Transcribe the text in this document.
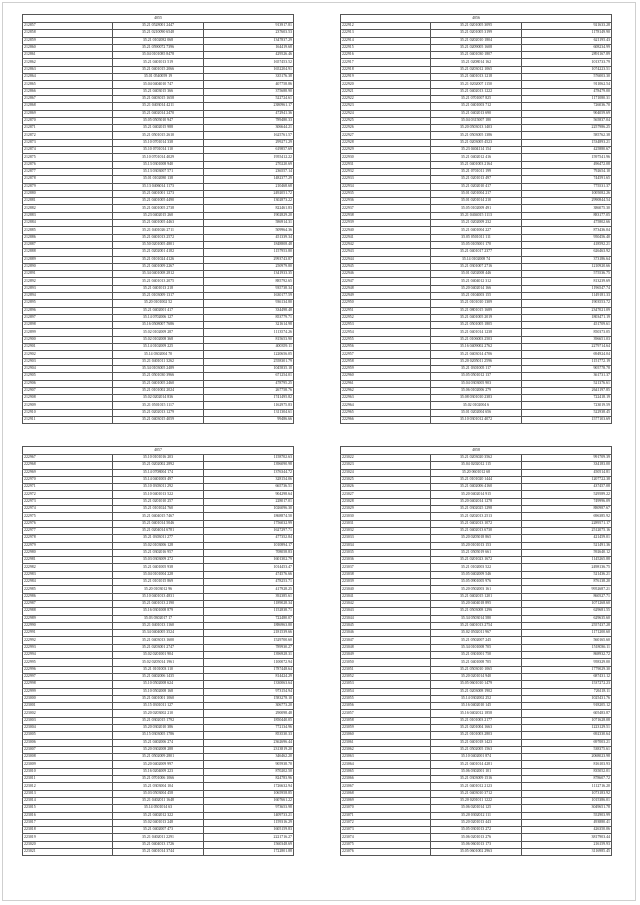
4055		
212857	35.21 0528001 2447	913917.81
212858	35.21 0210090 6548	237603.53
212859	35.21 0102082 068	1347837.29
212860	35.21 0590072 7396	164419.68
212861	35.04 0101085 8478	429526.46
212862	35.21 0401013 519	1657453.52
212863	35.21 0401015 2066	1652204.91
212864	35.01 0540059 19	335176.38
212865	35.04 0404010 747	407758.86
212866	35.21 0403015 366	375688.90
212867	35.21 0403015 1658	522724.61
212868	35.21 0403014 4211	2380961.17
212869	35.21 0402014 2470	472941.36
212870	35.05 0505010 947	789480.33
212871	35.21 0402015 988	306644.21
212872	35.21 0501015 2610	1625761.57
212873	35.10 0701014 338	299271.29
212874	35.10 0701014 110	619857.69
212875	35.10 0701014 4029	1955412.22
212876	35.13 0301008 940	270220.69
212877	35.13 0303007 571	236557.14
212878	35.01 0102080 138	1482377.29
212879	35.13 0406014 1173	210468.68
212880	35.21 0401001 1273	2492051.72
212881	35.21 0401005 4490	1302873.22
212882	35.21 0401005 2738	822461.83
212883	35.23 0402015 260	1902829.20
212884	35.21 0401005 4463	586914.31
212885	35.21 0401026 2711	509964.36
212886	35.21 0401013 2572	451339.34
212887	35.50 0201005 4801	1848808.48
212888	35.21 0202001 4182	1157953.80
212889	35.21 0101024 4126	2993743.87
212890	35.21 0401009 2267	250979.80
212891	35.34 0401008 2812	1341933.35
212892	35.21 0401013 2075	885792.65
212893	35.21 0401013 218	935738.34
212894	35.21 0103009 1317	1630177.59
212895	35.20 0101002 52	936134.80
212896	35.21 0402001 417	334498.48
212897	35.14 0702006 127	853779.71
212898	35.16 0508007 7686	321614.98
212899	35.02 0102009 287	1113574.26
212900	35.02 0102008 368	815653.90
212901	35.14 0102009 225	400359.11
212902	35.14 0302004 70	1220656.05
212903	35.21 0401011 3262	2558301.79
212904	35.34 0103005 2489	1045835.18
212905	35.21 0501030 3966	671254.01
212906	35.21 0401005 2460	478795.25
212907	35.21 0101002 2024	267758.76
212908	35.02 0202014 836	1741495.82
212909	35.21 0501015 1117	1162975.83
212910	35.21 0202013 1279	1311304.61
212911	35.21 0403015 4059	99486.66
4056		
222912	35.21 0201005 3095	921633.28
222913	35.21 0201005 3199	1178149.90
222914	35.21 0202010 1804	621195.43
222915	35.21 0209005 1608	608234.99
222916	35.21 0401030 1807	2891167.89
222917	35.21 0208014 162	1013733.79
222918	35.21 0203012 1065	1074223.51
222919	35.21 0401013 1218	576003.30
222920	35.21 0202007 1150	911062.54
222921	35.21 0402013 1222	478479.00
222922	35.21 0701007 825	1171080.31
222923	35.21 0401003 712	726036.70
222924	35.21 0402013 690	904059.69
222925	35.04 0315007 180	565837.04
222926	35.20 0503013 1403	2257986.25
222927	35.21 0503005 1386	585762.38
222928	35.21 0203005 4523	1534893.21
222929	35.23 0404114 154	425880.67
222930	35.21 0402012 416	1597541.96
222931	35.21 0401003 2164	496472.08
222932	35.21 0701011 199	792654.10
222933	35.21 0201013 497	744591.65
222934	35.21 0202010 417	775531.37
222935	35.01 0201004 217	1005082.26
222936	35.01 0201014 210	2990844.54
222937	35.05 0102009 491	386075.30
222938	35.21 0404015 1113	883177.05
222939	35.21 0202009 232	475802.66
222940	35.21 0401004 227	873436.04
222941	35.05 0501011 111	950456.40
222942	35.05 0105001 170	418592.21
222943	35.21 0401017 2377	626463.92
222944	35.14 0102008 74	373186.64
222945	35.21 0301007 2716	1210920.66
222946	35.01 0202008 446	575536.75
222947	35.21 0404012 312	813239.69
222948	35.20 0402014 166	1196547.74
222949	35.21 0104003 155	1149181.33
222950	35.21 0101010 1309	1903553.72
222951	35.21 0801015 1689	2347021.09
222952	35.21 0401005 2019	1803471.19
222953	35.21 0501005 1805	451709.61
222954	35.21 0401014 1238	850373.05
222955	35.21 0106003 2503	396651.03
222956	35.16 0409002 2762	2279714.64
222957	35.21 0403014 4706	694924.04
222958	35.20 0205011 2596	1151772.19
222959	35.21 0301005 117	905778.78
222960	35.05 0501012 137	361731.37
222961	35.04 0303005 903	521376.61
222962	35.06 0102006 279	2641197.85
222963	35.08 0301010 2383	722418.19
222964	35.02 0102004 6	723019.59
222965	35.01 0202004 656	522938.45
222966	35.10 0301012 4072	1577103.69
4057		
222967	35.10 0101016 203	1158702.63
222968	35.21 0202002 2892	1396090.98
222969	35.14 0708004 174	1376344.72
222970	35.14 0401003 497	328154.06
222971	35.10 0303011 292	665736.51
222972	35.10 0401013 522	904298.64
222973	35.21 0201010 257	228017.01
222974	35.21 0101024 760	1026096.30
222975	35.21 0404015 7467	1868874.50
222976	35.21 0401014 5046	1756032.99
222977	35.21 0204014 6781	1627297.71
222978	35.21 0303011 277	477352.84
222979	35.02 0103006 128	1010894.17
222980	35.21 0302016 957	708058.83
222981	35.03 0303009 272	1601302.79
222982	35.21 0401005 938	1014453.47
222983	35.04 0101004 228	474576.66
222984	35.21 0101015 869	478253.71
222985	35.20 0103012 96	417928.25
222986	35.10 0401013 4831	392385.61
222987	35.21 0401013 2190	1189028.34
222988	35.16 0301008 879	1152838.71
222989	35.03 0302017 17	722480.07
222990	35.21 0401013 1160	1886963.80
222991	35.34 0404005 3524	2181539.66
222992	35.21 0403013 1600	1529700.60
222993	35.21 0203001 2747	789930.27
222994	35.02 0201001 904	1396928.31
222995	35.02 0205014 1961	1100072.94
222996	35.21 0101003 110	1787448.64
222997	35.21 0402006 1435	814424.29
222998	35.10 0502008 624	1330063.64
222999	35.10 0502008 168	973154.94
223000	35.21 0401001 1060	1583278.10
223001	35.15 0301011 127	306773.20
223002	35.20 0203002 210	290098.48
223003	35.21 0302015 1792	1850440.05
223004	35.20 0302010 386	772134.96
223005	35.15 0303005 1786	853530.33
223006	35.21 0402006 274	2362696.44
223007	35.20 0302008 288	2313819.20
223008	35.21 0502009 2801	346462.20
223009	35.20 0402009 997	905938.70
223010	35.16 0204009 223	870202.50
223011	35.21 0701006 1066	824783.96
223012	35.21 0303004 104	1726632.94
223013	35.03 0503004 458	1065958.85
223014	35.21 0402011 1648	1607661.22
223015	35.14 0501014 63	973653.98
223016	35.21 0402012 322	1409733.21
223017	35.02 0401013 248	1159316.29
223018	35.21 0402007 473	1605159.83
223019	35.21 0402011 2291	2221716.27
223020	35.21 0404013 1726	1560348.69
223021	35.21 0401014 3744	1722801.88
4058		
223022	35.21 0203020 3562	991709.39
223023	35.04 0202012 115	334183.00
223024	35.20 0601012 68	450514.81
223025	35.21 0101020 1444	1207722.38
223026	35.21 0402006 4160	437457.08
223027	35.20 0402014 915	529589.22
223028	35.20 0402014 1278	749996.09
223029	35.21 0302025 1298	880987.67
223030	35.21 0202013 2513	696385.92
223031	35.21 0402013 1072	2289571.17
223032	35.21 0402013 6730	2512075.16
223033	35.20 0205018 865	421459.01
223034	35.20 0101013 153	521491.36
223035	35.21 0505019 661	592640.12
223036	35.21 0201023 1672	1145265.88
223037	35.21 0102003 522	2498136.75
223038	35.05 0402009 546	521436.21
223039	35.05 0901005 976	876138.20
223040	35.20 0502003 161	9952687.21
223041	35.21 0402015 1201	860527.71
223042	35.20 0404018 895	1071268.60
223043	35.21 0503008 1296	629681.55
223044	35.34 0503014 580	629635.60
223045	35.21 0401013 2754	2557437.28
223046	35.02 0502011 967	1171200.60
223047	35.21 0502007 245	560165.60
223048	35.34 0101008 705	1518036.11
223049	35.21 0301001 750	868932.72
223050	35.21 0401008 705	958329.00
223051	35.21 0503010 1065	1779029.30
223052	35.20 0201014 940	687431.12
223053	35.05 0601010 1479	1537272.23
223054	35.21 0203008 1902	726118.11
223055	35.14 0302002 252	1025431.76
223056	35.16 0402010 145	918205.12
223057	35.16 0402012 1858	605483.87
223058	35.21 0101003 2177	1071628.08
223059	35.21 0201004 1663	1223129.51
223060	35.21 0101003 2803	692330.64
223061	35.21 0401018 1423	697003.21
223062	35.21 0502005 1563	538375.61
223063	35.10 0402001 874	2068023.98
223064	35.21 0401014 4281	816103.93
223065	35.06 0302001 101	835052.01
223066	35.21 0303009 1516	878607.72
223067	35.21 0401012 2123	1112716.20
223068	35.21 0403010 3712	1073183.92
223069	35.20 0201011 1222	1015386.01
223070	35.06 0201014 125	3049651.78
223071	35.20 0302012 111	552903.99
223072	35.20 0201013 443	493880.41
223073	35.05 0301013 272	426350.06
223074	35.06 0201013 276	3817903.44
223075	35.06 0601013 173	216159.93
223076	35.05 0601002 2963	3116985.45
